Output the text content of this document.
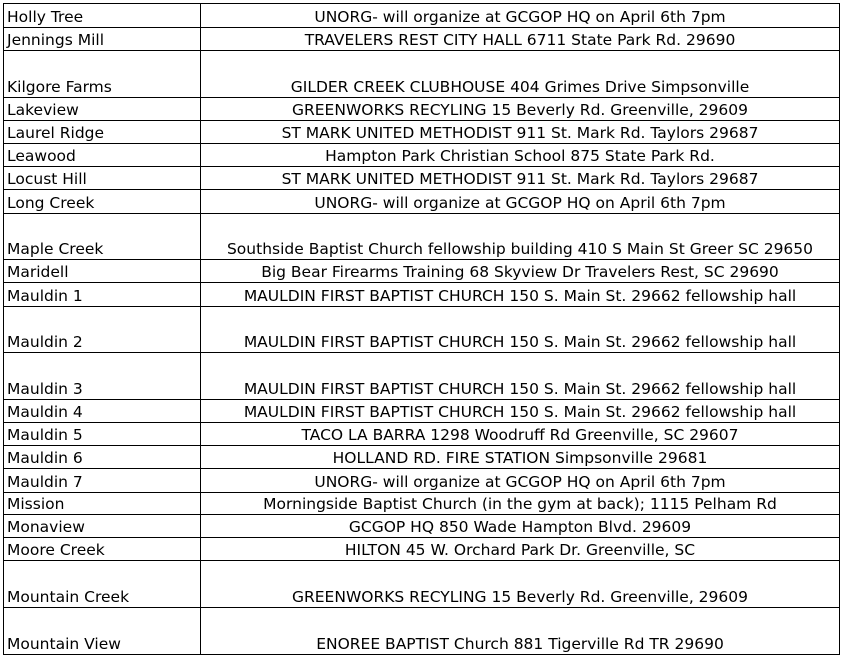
Holly Tree	UNORG- will organize at GCGOP HQ on April 6th 7pm
Jennings Mill	TRAVELERS REST CITY HALL 6711 State Park Rd. 29690
Kilgore Farms	GILDER CREEK CLUBHOUSE 404 Grimes Drive Simpsonville
Lakeview	GREENWORKS RECYLING 15 Beverly Rd. Greenville, 29609
Laurel Ridge	ST MARK UNITED METHODIST 911 St. Mark Rd. Taylors 29687
Leawood	Hampton Park Christian School 875 State Park Rd.
Locust Hill	ST MARK UNITED METHODIST 911 St. Mark Rd. Taylors 29687
Long Creek	UNORG- will organize at GCGOP HQ on April 6th 7pm
Maple Creek	Southside Baptist Church fellowship building 410 S Main St Greer SC 29650
Maridell	Big Bear Firearms Training 68 Skyview Dr Travelers Rest, SC 29690
Mauldin 1	MAULDIN FIRST BAPTIST CHURCH 150 S. Main St. 29662 fellowship hall
Mauldin 2	MAULDIN FIRST BAPTIST CHURCH 150 S. Main St. 29662 fellowship hall
Mauldin 3	MAULDIN FIRST BAPTIST CHURCH 150 S. Main St. 29662 fellowship hall
Mauldin 4	MAULDIN FIRST BAPTIST CHURCH 150 S. Main St. 29662 fellowship hall
Mauldin 5	TACO LA BARRA 1298 Woodruff Rd Greenville, SC 29607
Mauldin 6	HOLLAND RD. FIRE STATION Simpsonville 29681
Mauldin 7	UNORG- will organize at GCGOP HQ on April 6th 7pm
Mission	Morningside Baptist Church (in the gym at back); 1115 Pelham Rd
Monaview	GCGOP HQ 850 Wade Hampton Blvd. 29609
Moore Creek	HILTON 45 W. Orchard Park Dr. Greenville, SC
Mountain Creek	GREENWORKS RECYLING 15 Beverly Rd. Greenville, 29609
Mountain View	ENOREE BAPTIST Church 881 Tigerville Rd TR 29690
